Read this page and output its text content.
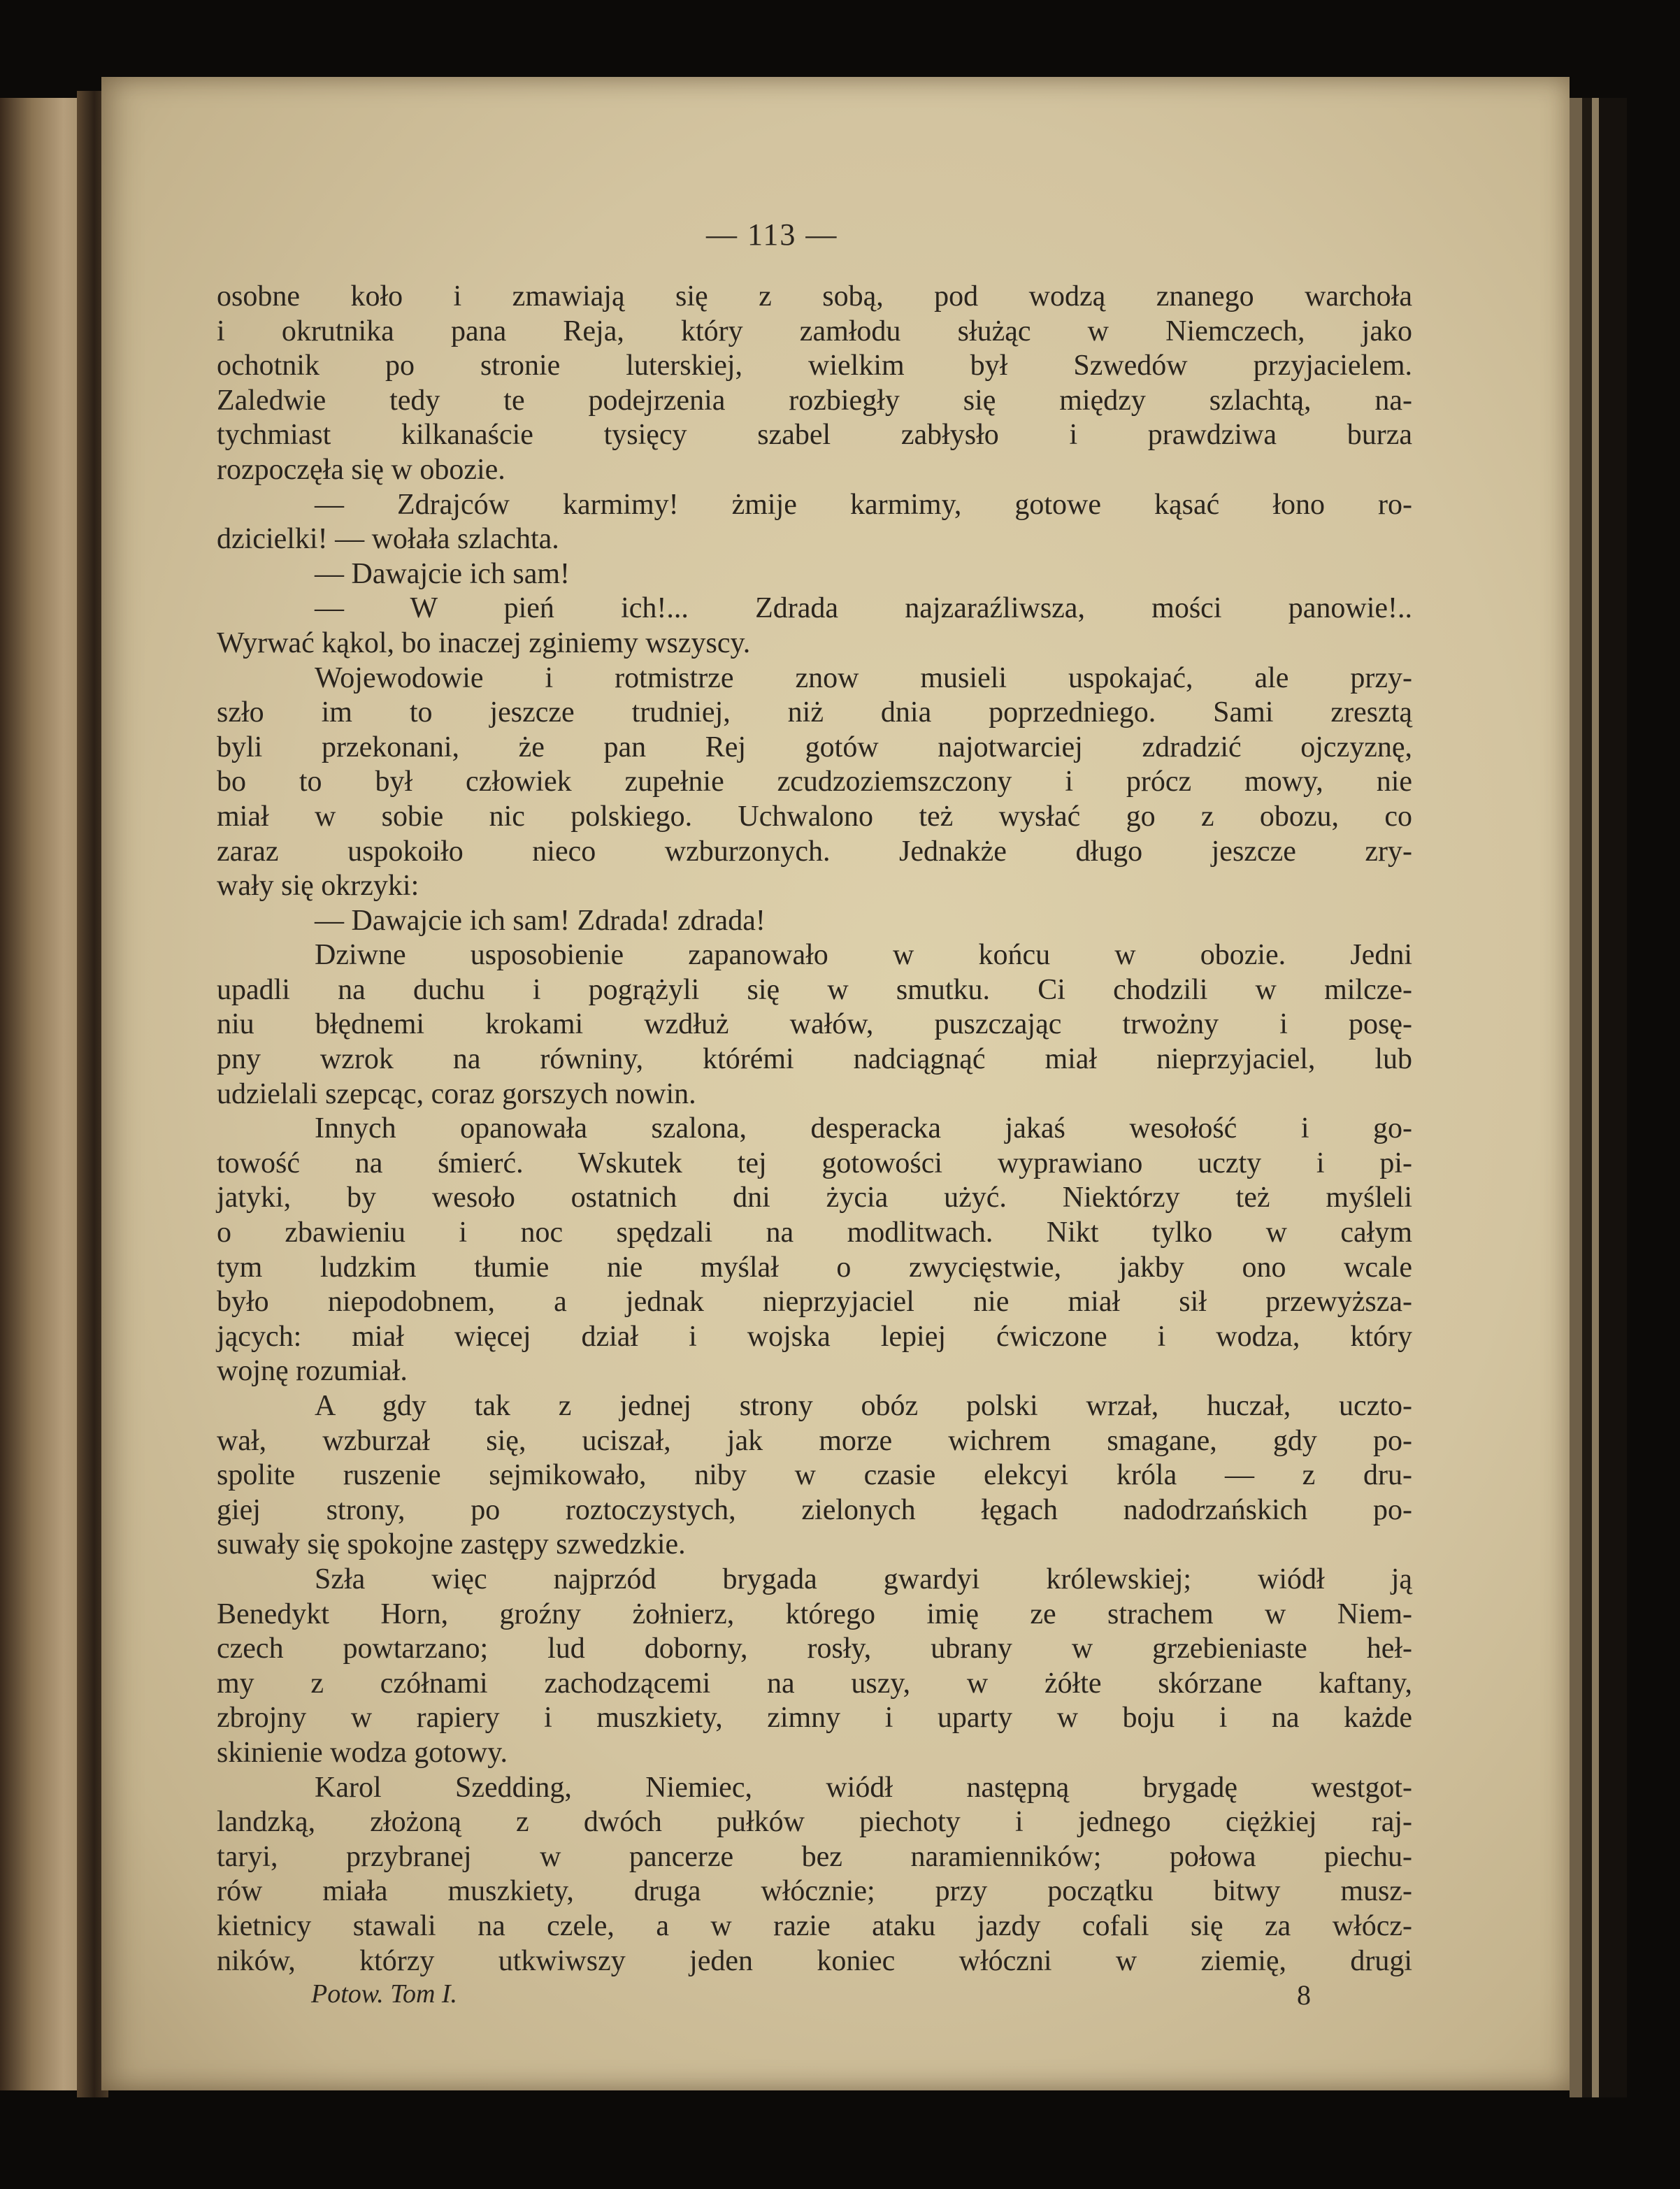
— 113 —
osobne koło i zmawiają się z sobą, pod wodzą znanego warchoła
i okrutnika pana Reja, który zamłodu służąc w Niemczech, jako
ochotnik po stronie luterskiej, wielkim był Szwedów przyjacielem.
Zaledwie tedy te podejrzenia rozbiegły się między szlachtą, na-
tychmiast kilkanaście tysięcy szabel zabłysło i prawdziwa burza
rozpoczęła się w obozie.
— Zdrajców karmimy! żmije karmimy, gotowe kąsać łono ro-
dzicielki! — wołała szlachta.
— Dawajcie ich sam!
— W pień ich!... Zdrada najzaraźliwsza, mości panowie!..
Wyrwać kąkol, bo inaczej zginiemy wszyscy.
Wojewodowie i rotmistrze znow musieli uspokajać, ale przy-
szło im to jeszcze trudniej, niż dnia poprzedniego. Sami zresztą
byli przekonani, że pan Rej gotów najotwarciej zdradzić ojczyznę,
bo to był człowiek zupełnie zcudzoziemszczony i prócz mowy, nie
miał w sobie nic polskiego. Uchwalono też wysłać go z obozu, co
zaraz uspokoiło nieco wzburzonych. Jednakże długo jeszcze zry-
wały się okrzyki:
— Dawajcie ich sam! Zdrada! zdrada!
Dziwne usposobienie zapanowało w końcu w obozie. Jedni
upadli na duchu i pogrążyli się w smutku. Ci chodzili w milcze-
niu błędnemi krokami wzdłuż wałów, puszczając trwożny i posę-
pny wzrok na równiny, którémi nadciągnąć miał nieprzyjaciel, lub
udzielali szepcąc, coraz gorszych nowin.
Innych opanowała szalona, desperacka jakaś wesołość i go-
towość na śmierć. Wskutek tej gotowości wyprawiano uczty i pi-
jatyki, by wesoło ostatnich dni życia użyć. Niektórzy też myśleli
o zbawieniu i noc spędzali na modlitwach. Nikt tylko w całym
tym ludzkim tłumie nie myślał o zwycięstwie, jakby ono wcale
było niepodobnem, a jednak nieprzyjaciel nie miał sił przewyższa-
jących: miał więcej dział i wojska lepiej ćwiczone i wodza, który
wojnę rozumiał.
A gdy tak z jednej strony obóz polski wrzał, huczał, uczto-
wał, wzburzał się, uciszał, jak morze wichrem smagane, gdy po-
spolite ruszenie sejmikowało, niby w czasie elekcyi króla — z dru-
giej strony, po roztoczystych, zielonych łęgach nadodrzańskich po-
suwały się spokojne zastępy szwedzkie.
Szła więc najprzód brygada gwardyi królewskiej; wiódł ją
Benedykt Horn, groźny żołnierz, którego imię ze strachem w Niem-
czech powtarzano; lud doborny, rosły, ubrany w grzebieniaste heł-
my z czółnami zachodzącemi na uszy, w żółte skórzane kaftany,
zbrojny w rapiery i muszkiety, zimny i uparty w boju i na każde
skinienie wodza gotowy.
Karol Szedding, Niemiec, wiódł następną brygadę westgot-
landzką, złożoną z dwóch pułków piechoty i jednego ciężkiej raj-
taryi, przybranej w pancerze bez naramienników; połowa piechu-
rów miała muszkiety, druga włócznie; przy początku bitwy musz-
kietnicy stawali na czele, a w razie ataku jazdy cofali się za włócz-
ników, którzy utkwiwszy jeden koniec włóczni w ziemię, drugi
Potow. Tom I.	8
